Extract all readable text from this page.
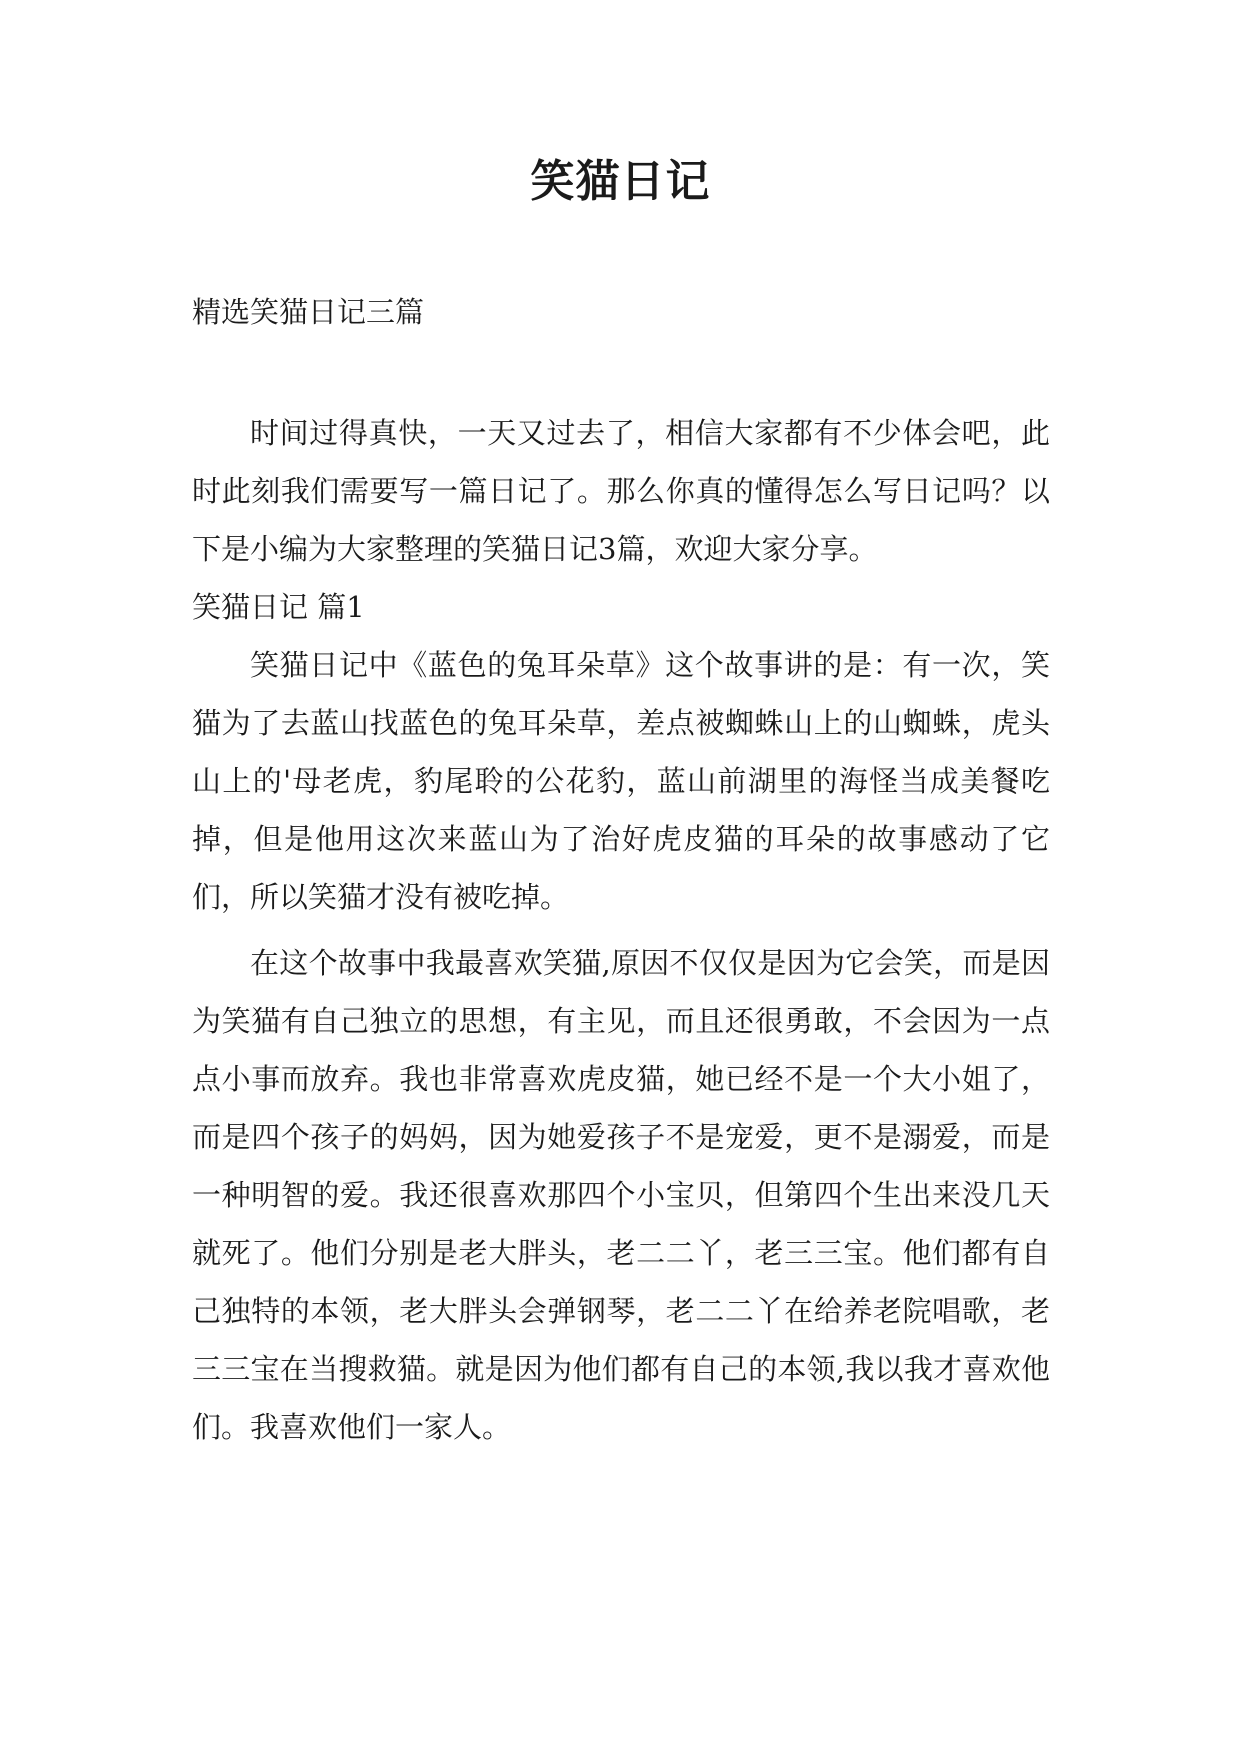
笑猫日记

精选笑猫日记三篇

时间过得真快，一天又过去了，相信大家都有不少体会吧，此时此刻我们需要写一篇日记了。那么你真的懂得怎么写日记吗？以下是小编为大家整理的笑猫日记3篇，欢迎大家分享。

笑猫日记 篇1

笑猫日记中《蓝色的兔耳朵草》这个故事讲的是：有一次，笑猫为了去蓝山找蓝色的兔耳朵草，差点被蜘蛛山上的山蜘蛛，虎头山上的'母老虎，豹尾聆的公花豹，蓝山前湖里的海怪当成美餐吃掉，但是他用这次来蓝山为了治好虎皮猫的耳朵的故事感动了它们，所以笑猫才没有被吃掉。

在这个故事中我最喜欢笑猫,原因不仅仅是因为它会笑，而是因为笑猫有自己独立的思想，有主见，而且还很勇敢，不会因为一点点小事而放弃。我也非常喜欢虎皮猫，她已经不是一个大小姐了，而是四个孩子的妈妈，因为她爱孩子不是宠爱，更不是溺爱，而是一种明智的爱。我还很喜欢那四个小宝贝，但第四个生出来没几天就死了。他们分别是老大胖头，老二二丫，老三三宝。他们都有自己独特的本领，老大胖头会弹钢琴，老二二丫在给养老院唱歌，老三三宝在当搜救猫。就是因为他们都有自己的本领,我以我才喜欢他们。我喜欢他们一家人。
